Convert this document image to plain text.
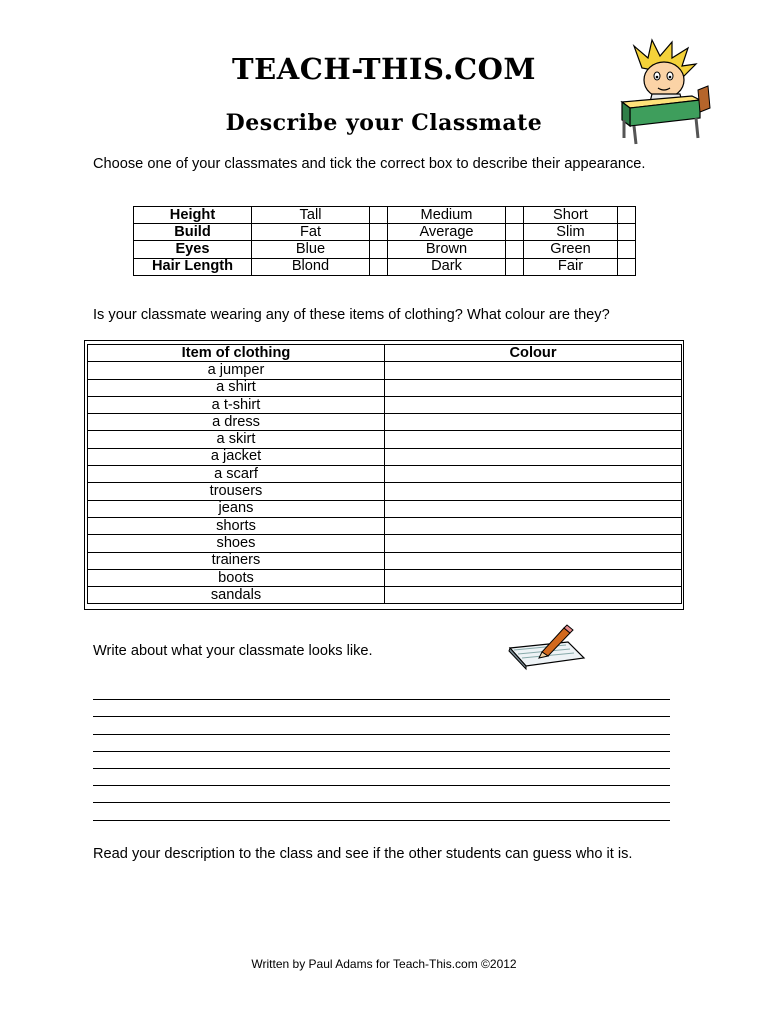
TEACH-THIS.COM
Describe your Classmate
Choose one of your classmates and tick the correct box to describe their appearance.
Height	Tall		Medium		Short	
Build	Fat		Average		Slim	
Eyes	Blue		Brown		Green	
Hair Length	Blond		Dark		Fair	
Is your classmate wearing any of these items of clothing? What colour are they?
Item of clothing	Colour
a jumper	
a shirt	
a t-shirt	
a dress	
a skirt	
a jacket	
a scarf	
trousers	
jeans	
shorts	
shoes	
trainers	
boots	
sandals	
Write about what your classmate looks like.
Read your description to the class and see if the other students can guess who it is.
Written by Paul Adams for Teach-This.com ©2012
